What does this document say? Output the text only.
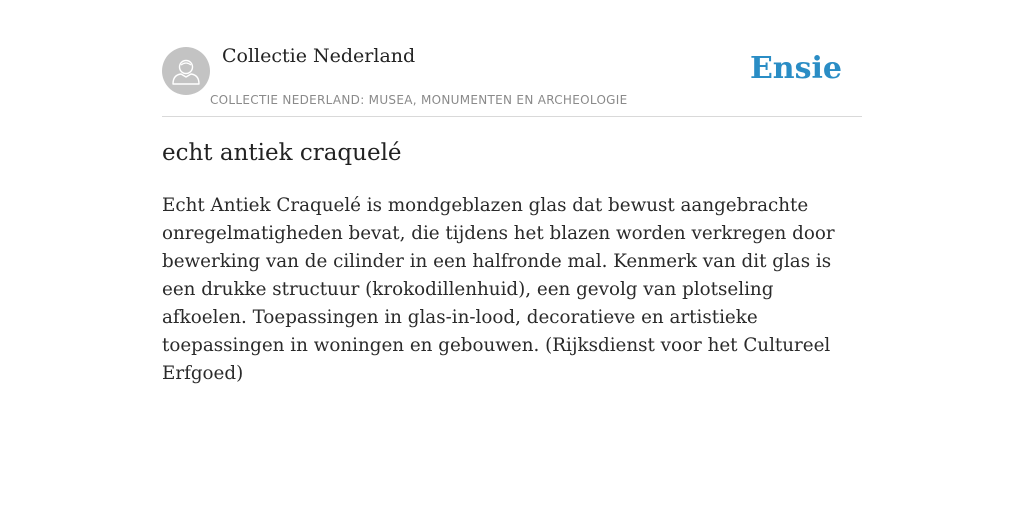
Collectie Nederland
COLLECTIE NEDERLAND: MUSEA, MONUMENTEN EN ARCHEOLOGIE
Ensie
echt antiek craquelé

Echt Antiek Craquelé is mondgeblazen glas dat bewust aangebrachte onregelmatigheden bevat, die tijdens het blazen worden verkregen door bewerking van de cilinder in een halfronde mal. Kenmerk van dit glas is een drukke structuur (krokodillenhuid), een gevolg van plotseling afkoelen. Toepassingen in glas-in-lood, decoratieve en artistieke toepassingen in woningen en gebouwen. (Rijksdienst voor het Cultureel Erfgoed)
